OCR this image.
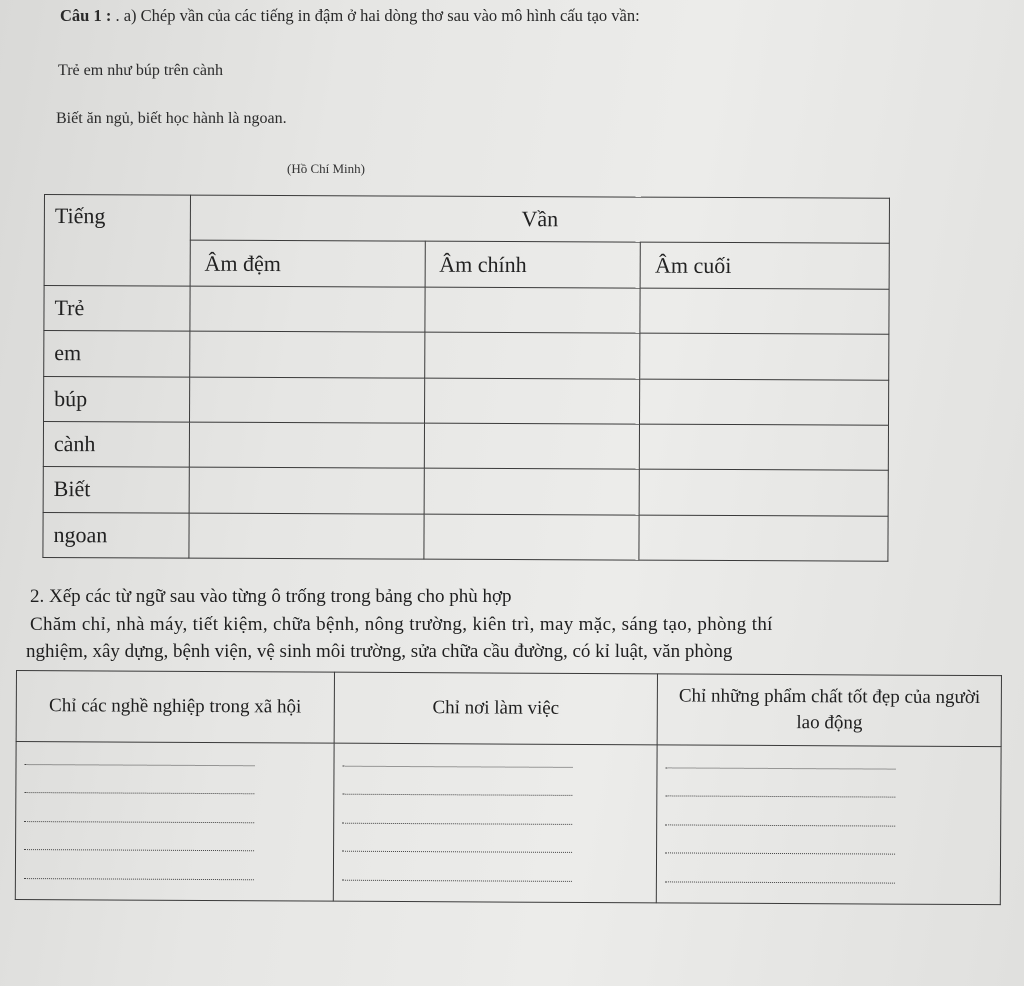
Câu 1 : . a) Chép vần của các tiếng in đậm ở hai dòng thơ sau vào mô hình cấu tạo vần:
Trẻ em như búp trên cành
Biết ăn ngủ, biết học hành là ngoan.
(Hồ Chí Minh)
Tiếng	Vần		
	Âm đệm	Âm chính	Âm cuối
Trẻ			
em			
búp			
cành			
Biết			
ngoan			
2. Xếp các từ ngữ sau vào từng ô trống trong bảng cho phù hợp
Chăm chỉ, nhà máy, tiết kiệm, chữa bệnh, nông trường, kiên trì, may mặc, sáng tạo, phòng thí
nghiệm, xây dựng, bệnh viện, vệ sinh môi trường, sửa chữa cầu đường, có kỉ luật, văn phòng
Chỉ các nghề nghiệp trong xã hội	Chỉ nơi làm việc	Chỉ những phẩm chất tốt đẹp của người lao động
